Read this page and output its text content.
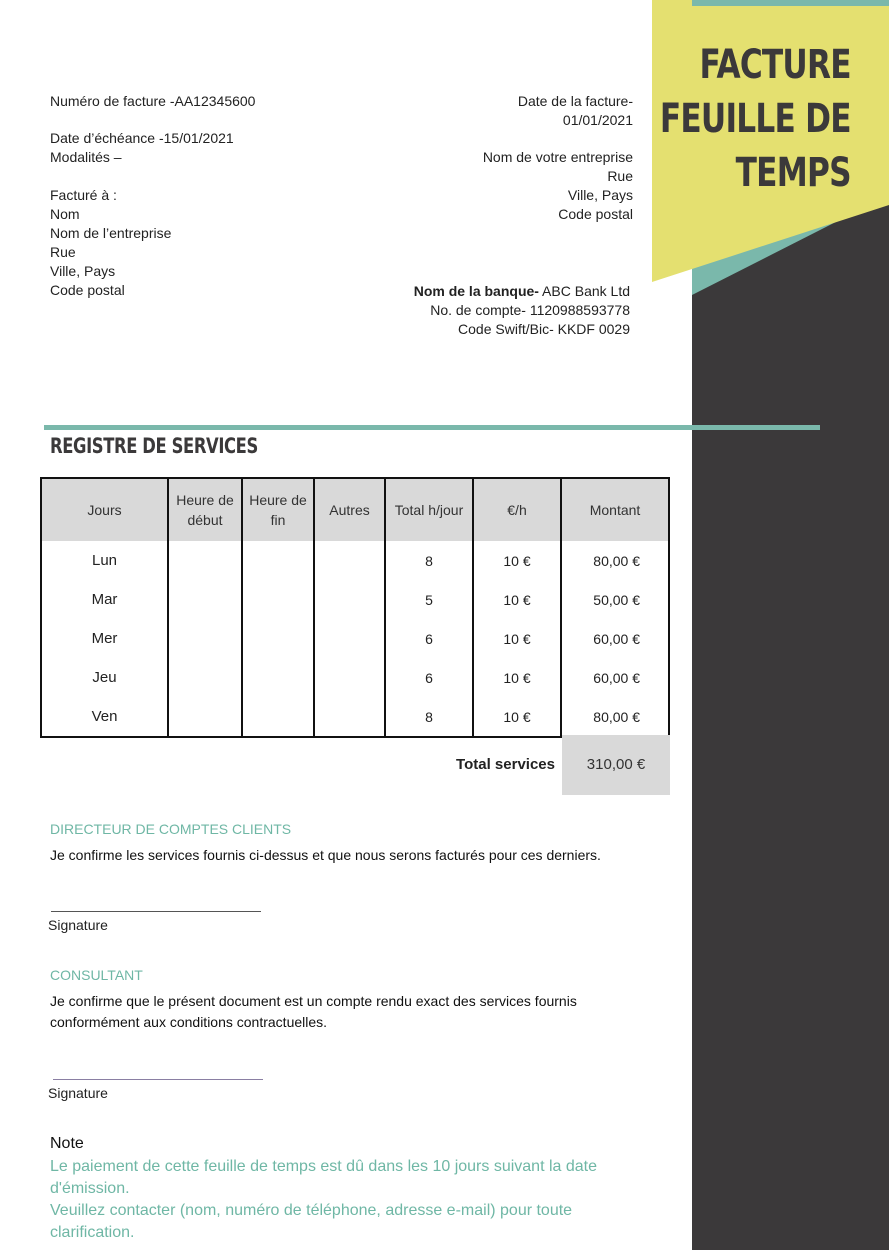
FACTURE
FEUILLE DE
TEMPS
Numéro de facture -AA12345600
Date d’échéance -15/01/2021
Modalités –
Facturé à :
Nom
Nom de l’entreprise
Rue
Ville, Pays
Code postal
Date de la facture-
01/01/2021
Nom de votre entreprise
Rue
Ville, Pays
Code postal
Nom de la banque- ABC Bank Ltd
No. de compte- 1120988593778
Code Swift/Bic- KKDF 0029
REGISTRE DE SERVICES
Jours	Heure de début	Heure de fin	Autres	Total h/jour	€/h	Montant
Lun				8	10 €	80,00 €
Mar				5	10 €	50,00 €
Mer				6	10 €	60,00 €
Jeu				6	10 €	60,00 €
Ven				8	10 €	80,00 €
Total services	310,00 €
DIRECTEUR DE COMPTES CLIENTS
Je confirme les services fournis ci-dessus et que nous serons facturés pour ces derniers.
Signature
CONSULTANT
Je confirme que le présent document est un compte rendu exact des services fournis conformément aux conditions contractuelles.
Signature
Note
Le paiement de cette feuille de temps est dû dans les 10 jours suivant la date d'émission.
Veuillez contacter (nom, numéro de téléphone, adresse e-mail) pour toute clarification.
